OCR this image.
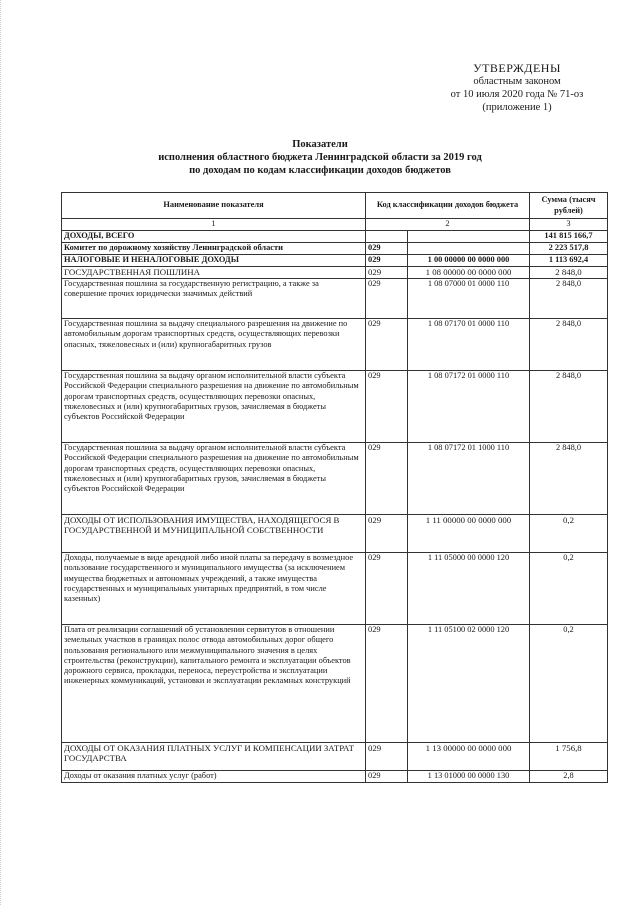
УТВЕРЖДЕНЫ
областным законом
от 10 июля 2020 года № 71-оз
(приложение 1)
Показатели
исполнения областного бюджета Ленинградской области за 2019 год
по доходам по кодам классификации доходов бюджетов
Наименование показателя	Код классификации доходов бюджета		Сумма (тысяч рублей)
1	2		3
ДОХОДЫ, ВСЕГО			141 815 166,7
Комитет по дорожному хозяйству Ленинградской области	029		2 223 517,8
НАЛОГОВЫЕ И НЕНАЛОГОВЫЕ ДОХОДЫ	029	1 00 00000 00 0000 000	1 113 692,4
ГОСУДАРСТВЕННАЯ ПОШЛИНА	029	1 08 00000 00 0000 000	2 848,0
Государственная пошлина за государственную регистрацию, а также за совершение прочих юридически значимых действий	029	1 08 07000 01 0000 110	2 848,0
Государственная пошлина за выдачу специального разрешения на движение по автомобильным дорогам транспортных средств, осуществляющих перевозки опасных, тяжеловесных и (или) крупногабаритных грузов	029	1 08 07170 01 0000 110	2 848,0
Государственная пошлина за выдачу органом исполнительной власти субъекта Российской Федерации специального разрешения на движение по автомобильным дорогам транспортных средств, осуществляющих перевозки опасных, тяжеловесных и (или) крупногабаритных грузов, зачисляемая в бюджеты субъектов Российской Федерации	029	1 08 07172 01 0000 110	2 848,0
Государственная пошлина за выдачу органом исполнительной власти субъекта Российской Федерации специального разрешения на движение по автомобильным дорогам транспортных средств, осуществляющих перевозки опасных, тяжеловесных и (или) крупногабаритных грузов, зачисляемая в бюджеты субъектов Российской Федерации	029	1 08 07172 01 1000 110	2 848,0
ДОХОДЫ ОТ ИСПОЛЬЗОВАНИЯ ИМУЩЕСТВА, НАХОДЯЩЕГОСЯ В ГОСУДАРСТВЕННОЙ И МУНИЦИПАЛЬНОЙ СОБСТВЕННОСТИ	029	1 11 00000 00 0000 000	0,2
Доходы, получаемые в виде арендной либо иной платы за передачу в возмездное пользование государственного и муниципального имущества (за исключением имущества бюджетных и автономных учреждений, а также имущества государственных и муниципальных унитарных предприятий, в том числе казенных)	029	1 11 05000 00 0000 120	0,2
Плата от реализации соглашений об установлении сервитутов в отношении земельных участков в границах полос отвода автомобильных дорог общего пользования регионального или межмуниципального значения в целях строительства (реконструкции), капитального ремонта и эксплуатации объектов дорожного сервиса, прокладки, переноса, переустройства и эксплуатации инженерных коммуникаций, установки и эксплуатации рекламных конструкций	029	1 11 05100 02 0000 120	0,2
ДОХОДЫ ОТ ОКАЗАНИЯ ПЛАТНЫХ УСЛУГ И КОМПЕНСАЦИИ ЗАТРАТ ГОСУДАРСТВА	029	1 13 00000 00 0000 000	1 756,8
Доходы от оказания платных услуг (работ)	029	1 13 01000 00 0000 130	2,8
